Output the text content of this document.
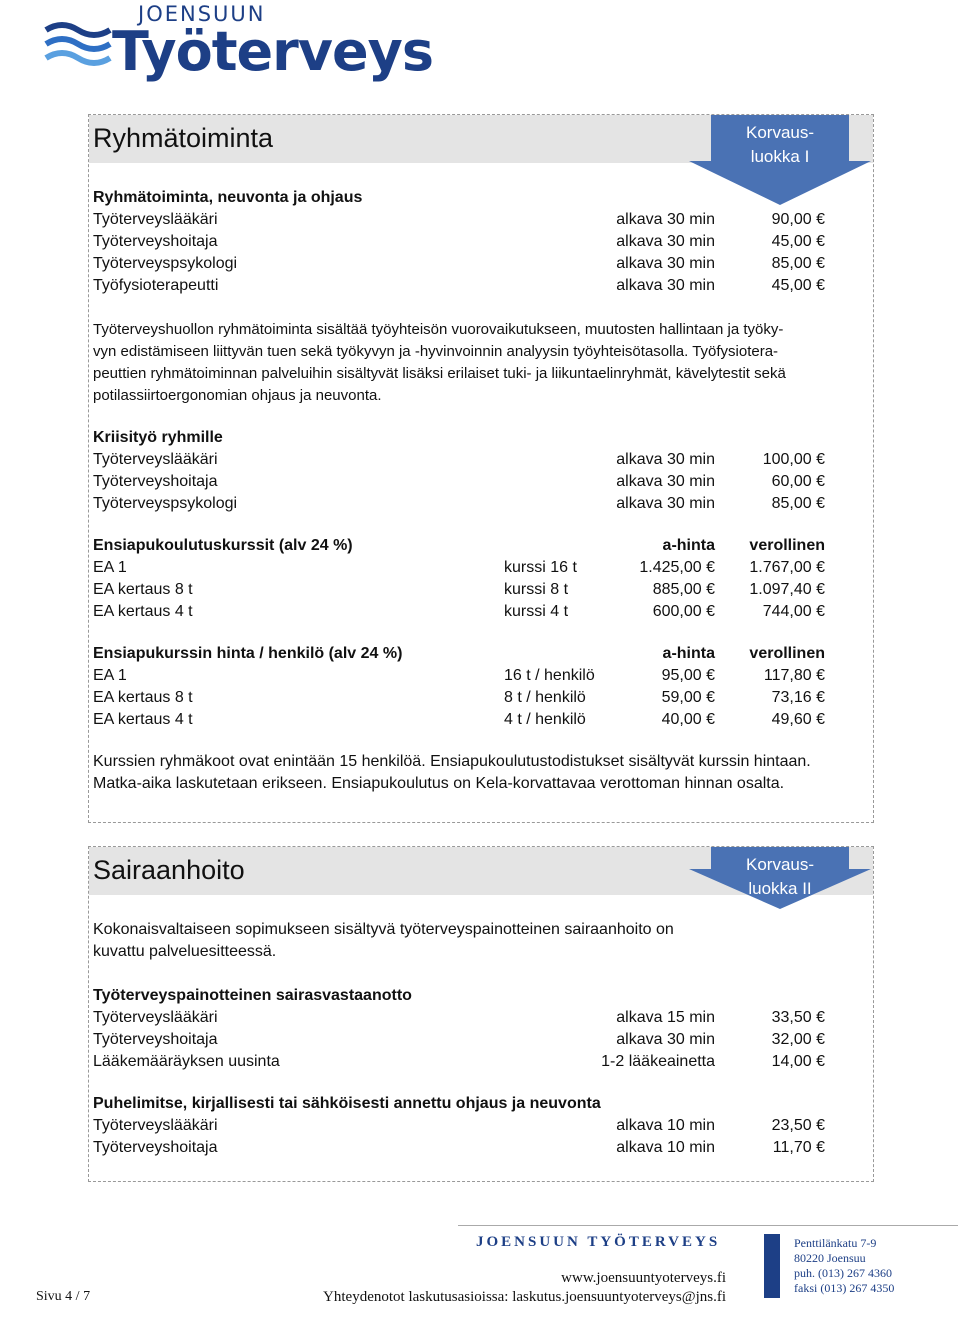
JOENSUUN
Työterveys
Ryhmätoiminta	Korvaus-
luokka I
Ryhmätoiminta, neuvonta ja ohjaus
Työterveyslääkäri	alkava 30 min	90,00 €
Työterveyshoitaja	alkava 30 min	45,00 €
Työterveyspsykologi	alkava 30 min	85,00 €
Työfysioterapeutti	alkava 30 min	45,00 €

Työterveyshuollon ryhmätoiminta sisältää työyhteisön vuorovaikutukseen, muutosten hallintaan ja työky-

vyn edistämiseen liittyvän tuen sekä työkyvyn ja -hyvinvoinnin analyysin työyhteisötasolla. Työfysiotera-

peuttien ryhmätoiminnan palveluihin sisältyvät lisäksi erilaiset tuki- ja liikuntaelinryhmät, kävelytestit sekä

potilassiirtoergonomian ohjaus ja neuvonta.

Kriisityö ryhmille
Työterveyslääkäri	alkava 30 min	100,00 €
Työterveyshoitaja	alkava 30 min	60,00 €
Työterveyspsykologi	alkava 30 min	85,00 €
Ensiapukoulutuskurssit (alv 24 %)	a-hinta verollinen
EA 1	kurssi 16 t	1.425,00 € 1.767,00 €
EA kertaus 8 t	kurssi 8 t	885,00 € 1.097,40 €
EA kertaus 4 t	kurssi 4 t	600,00 €	744,00 €
Ensiapukurssin hinta / henkilö (alv 24 %)	a-hinta verollinen
EA 1	16 t / henkilö	95,00 €	117,80 €
EA kertaus 8 t	8 t / henkilö	59,00 €	73,16 €
EA kertaus 4 t	4 t / henkilö	40,00 €	49,60 €

Kurssien ryhmäkoot ovat enintään 15 henkilöä. Ensiapukoulutustodistukset sisältyvät kurssin hintaan.

Matka-aika laskutetaan erikseen. Ensiapukoulutus on Kela-korvattavaa verottoman hinnan osalta.

Sairaanhoito	Korvaus-
luokka II

Kokonaisvaltaiseen sopimukseen sisältyvä työterveyspainotteinen sairaanhoito on

kuvattu palveluesitteessä.

Työterveyspainotteinen sairasvastaanotto
Työterveyslääkäri	alkava 15 min	33,50 €
Työterveyshoitaja	alkava 30 min	32,00 €
Lääkemääräyksen uusinta	1-2 lääkeainetta	14,00 €
Puhelimitse, kirjallisesti tai sähköisesti annettu ohjaus ja neuvonta
Työterveyslääkäri	alkava 10 min	23,50 €
Työterveyshoitaja	alkava 10 min	11,70 €
Sivu 4 / 7
JOENSUUN TYÖTERVEYS
www.joensuuntyoterveys.fi
Yhteydenotot laskutusasioissa: laskutus.joensuuntyoterveys@jns.fi
Penttilänkatu 7-9
80220 Joensuu
puh. (013) 267 4360
faksi (013) 267 4350
